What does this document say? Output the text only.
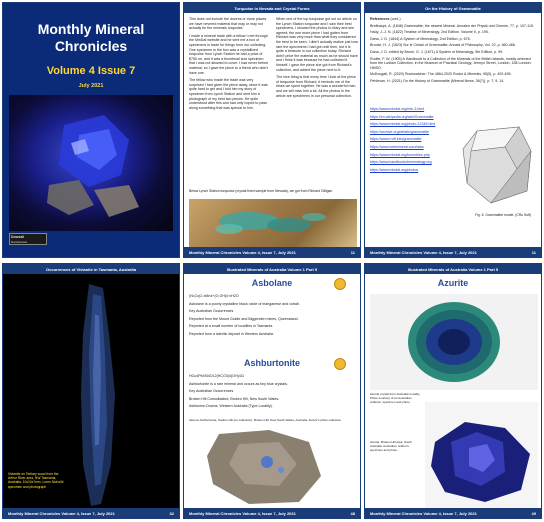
Monthly Mineral Chronicles
Volume 4 Issue 7
July 2021
Dowsall
Gemstones
Turquoise in Nevada and Crystal Forms

This does not include the dozens or more places we have nevered material that may or may not actually be the minerals turquoise.

I made a mineral trade with a fellow I met through the MinDat website and he sent me a box of specimens in trade for things from our collecting. One specimen in the box was a crystallized turquoise from Lynch Station he had a price of $750 on, and it was a thumbnail size specimen that I was not allowed to cover. I had never before material, so I gave the piece to a friend who didn't have one.

The fellow who made the trade was very surprised I had given the piece away, since it was quite hard to get and I told him my story of specimen from Lynch Station and sent him a photograph of my best two pieces. He quite understood after this and had only hoped to pass along something that was special to him.

When one of the top turquoise got out on article on the Lynch Station turquoise and I saw their best specimens, I showed the photos to Mary and she agreed; the one more piece I had gotten from Richard was very more than what they considered the best to be seen. I didn't actually realize just how rare the specimens I had got until then, but it is quite a treasure in our collection today. Richard didn't price the material as much as he should have and I think it was because he had collected it himself. I gave the piece she got from Richard's collection, and added the piece next to it.

The nice thing is that every time I look at the piece of turquoise from Richard, it reminds me of the times we spent together. He was a wonderful man and we will miss him a lot. All the photos in the article are specimens in our personal collection.

Below Lynch Station turquoise (crystal lined sample from Nevada), we got from Richard Gilligan
Monthly Mineral Chronicles Volume 4, Issue 7, July 2021	11
On the History of Grammatite
References (cont.)

Breithaupt, A. (1848) Grammatite; the newest Mineral. Annalen der Physik und Chemie, 77, p. 107-115.

Haüy, J.-J. N. (1822) Treatise of Mineralogy, 2nd Edition. Volume II, p. 195.

Dana, J. D. (1844) A System of Mineralogy, 2nd Edition, p. 676.

Brooke, H. J. (1823) Sur le Cristal of Grammatite. Annals of Philosophy, Vol. 22, p. 460-466.

Dana, J. D. edited by Brush, G. J. (1871) A System of Mineralogy, 5th Edition, p. 99.

Rudler, F. W. (1905) A Handbook to a Collection of the Minerals of the British Islands, mostly selected from the Ludlam Collection, in the Museum of Practical Geology, Jermyn Street, London, 158 London: HMSO.

McDougall, R. (2020) Rockwatcher: The 4864-2020 Rocks & Minerals, 95(5), p. 492-495.

Pehlevan, H. (2021) On the History of Grammatite (Mineral News, 36(7)), p. 7, 9, 14.

https://www.mindat.org/min-3.html

https://en.wikipedia.org/wiki/Grammatite

https://www.mindat.org/photo-12345.html

https://archive.org/details/grammatite

https://www.rruff.info/grammatite

https://www.webmineral.com/data

https://www.mindat.org/locentries.php

https://www.handbookofmineralogy.org

https://www.mindat.org/photos

Fig. 5. Grammatite model. (CRu Soft)
Monthly Mineral Chronicles Volume 4, Issue 7, July 2021	11
Occurrences of Vivianite in Tasmania, Australia
Vivianite on Tertiary wood from the Arthur River area, NW Tasmania, Australia. 10x10x7mm. Loren Nicholls' specimen and photograph
Monthly Mineral Chronicles Volume 4, Issue 7, July 2021	32
Illustrated Minerals of Australia Volume 1 Part 5
Asbolane

(Ni,Co)2-xMn4+(O,OH)4·nH2O

Asbolane is a poorly crystalline black oxide of manganese and cobalt.

Key Australian Occurrences

Reported from the Mount Goldie and Biggenden mines, Queensland.

Reported at a small number of localities in Tasmania.

Reported from a lateritic deposit in Western Australia.

Ashburtonite

HCu4Pb4Si4O12(HCO3)4(OH)4Cl

Ashburtonite is a rare mineral and occurs as tiny blue crystals.

Key Australian Occurrences

Broken Hill Consolidated, Broken Hill, New South Wales.

Ashburton Downs, Western Australia (Type Locality).

Various Ashburtonite, Sauber Hill (ex-collection). Broken Hill, New South Wales, Australia. Author's photo collection
Monthly Mineral Chronicles Volume 4, Issue 7, July 2021	48
Illustrated Minerals of Australia Volume 1 Part 5
Azurite
Azurite crystal from Australian locality. Photo courtesy of an Australian collector, specimen and photo.
Azurite. Broken Hill area, South Australia. Australian. Author's specimen and photo.
Monthly Mineral Chronicles Volume 4, Issue 7, July 2021	49
